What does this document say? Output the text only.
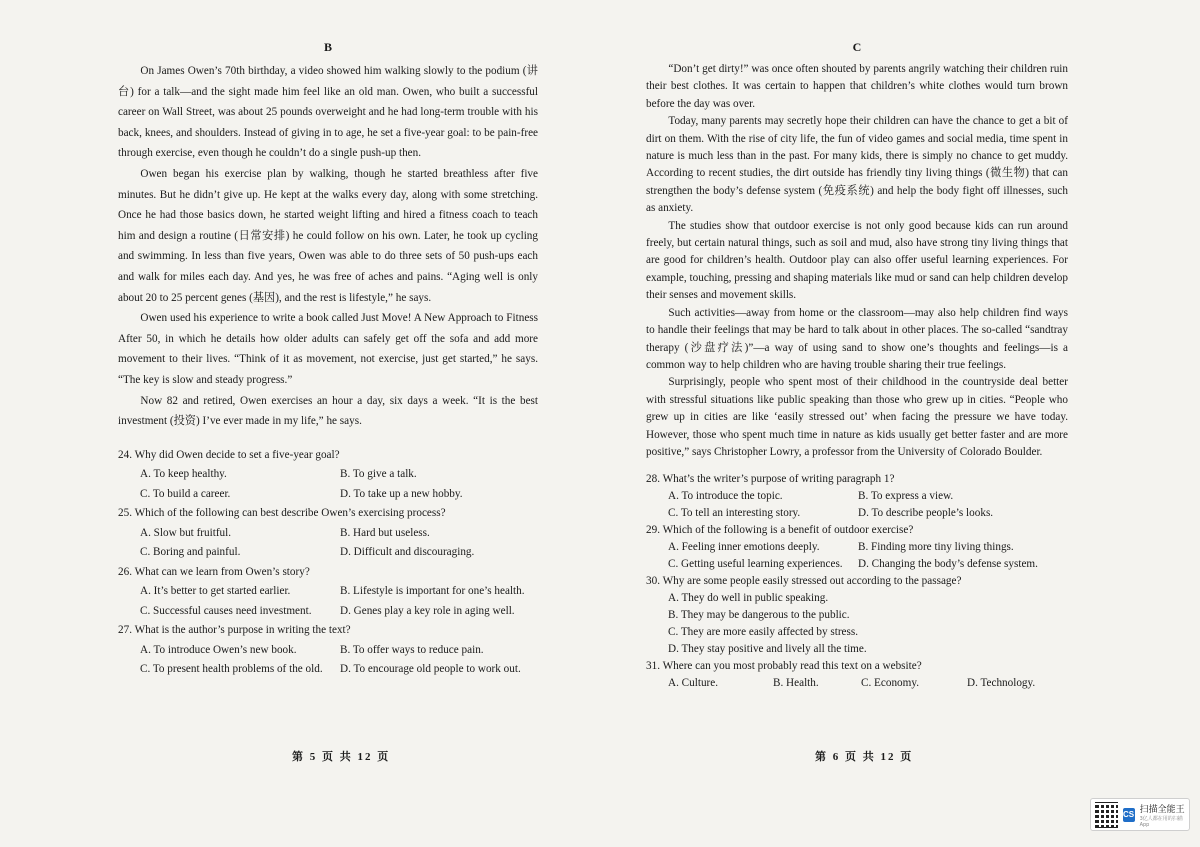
B

On James Owen’s 70th birthday, a video showed him walking slowly to the podium (讲台) for a talk—and the sight made him feel like an old man. Owen, who built a successful career on Wall Street, was about 25 pounds overweight and he had long-term trouble with his back, knees, and shoulders. Instead of giving in to age, he set a five-year goal: to be pain-free through exercise, even though he couldn’t do a single push-up then.

Owen began his exercise plan by walking, though he started breathless after five minutes. But he didn’t give up. He kept at the walks every day, along with some stretching. Once he had those basics down, he started weight lifting and hired a fitness coach to teach him and design a routine (日常安排) he could follow on his own. Later, he took up cycling and swimming. In less than five years, Owen was able to do three sets of 50 push-ups each and walk for miles each day. And yes, he was free of aches and pains. “Aging well is only about 20 to 25 percent genes (基因), and the rest is lifestyle,” he says.

Owen used his experience to write a book called Just Move! A New Approach to Fitness After 50, in which he details how older adults can safely get off the sofa and add more movement to their lives. “Think of it as movement, not exercise, just get started,” he says. “The key is slow and steady progress.”

Now 82 and retired, Owen exercises an hour a day, six days a week. “It is the best investment (投资) I’ve ever made in my life,” he says.

24. Why did Owen decide to set a five-year goal?

A. To keep healthy.	B. To give a talk.
C. To build a career.	D. To take up a new hobby.

25. Which of the following can best describe Owen’s exercising process?

A. Slow but fruitful.	B. Hard but useless.
C. Boring and painful.	D. Difficult and discouraging.

26. What can we learn from Owen’s story?

A. It’s better to get started earlier.	B. Lifestyle is important for one’s health.
C. Successful causes need investment.	D. Genes play a key role in aging well.

27. What is the author’s purpose in writing the text?

A. To introduce Owen’s new book.	B. To offer ways to reduce pain.
C. To present health problems of the old.	D. To encourage old people to work out.
第 5 页 共 12 页
C

“Don’t get dirty!” was once often shouted by parents angrily watching their children ruin their best clothes. It was certain to happen that children’s white clothes would turn brown before the day was over.

Today, many parents may secretly hope their children can have the chance to get a bit of dirt on them. With the rise of city life, the fun of video games and social media, time spent in nature is much less than in the past. For many kids, there is simply no chance to get muddy. According to recent studies, the dirt outside has friendly tiny living things (微生物) that can strengthen the body’s defense system (免疫系统) and help the body fight off illnesses, such as anxiety.

The studies show that outdoor exercise is not only good because kids can run around freely, but certain natural things, such as soil and mud, also have strong tiny living things that are good for children’s health. Outdoor play can also offer useful learning experiences. For example, touching, pressing and shaping materials like mud or sand can help children develop their senses and movement skills.

Such activities—away from home or the classroom—may also help children find ways to handle their feelings that may be hard to talk about in other places. The so-called “sandtray therapy (沙盘疗法)”—a way of using sand to show one’s thoughts and feelings—is a common way to help children who are having trouble sharing their true feelings.

Surprisingly, people who spent most of their childhood in the countryside deal better with stressful situations like public speaking than those who grew up in cities. “People who grew up in cities are like ‘easily stressed out’ when facing the pressure we have today. However, those who spent much time in nature as kids usually get better faster and are more positive,” says Christopher Lowry, a professor from the University of Colorado Boulder.

28. What’s the writer’s purpose of writing paragraph 1?

A. To introduce the topic.	B. To express a view.
C. To tell an interesting story.	D. To describe people’s looks.

29. Which of the following is a benefit of outdoor exercise?

A. Feeling inner emotions deeply.	B. Finding more tiny living things.
C. Getting useful learning experiences.	D. Changing the body’s defense system.

30. Why are some people easily stressed out according to the passage?

A. They do well in public speaking.
B. They may be dangerous to the public.
C. They are more easily affected by stress.
D. They stay positive and lively all the time.

31. Where can you most probably read this text on a website?

A. Culture.	B. Health.	C. Economy.	D. Technology.
第 6 页 共 12 页
CS 扫描全能王
3亿人都在用的扫描App
